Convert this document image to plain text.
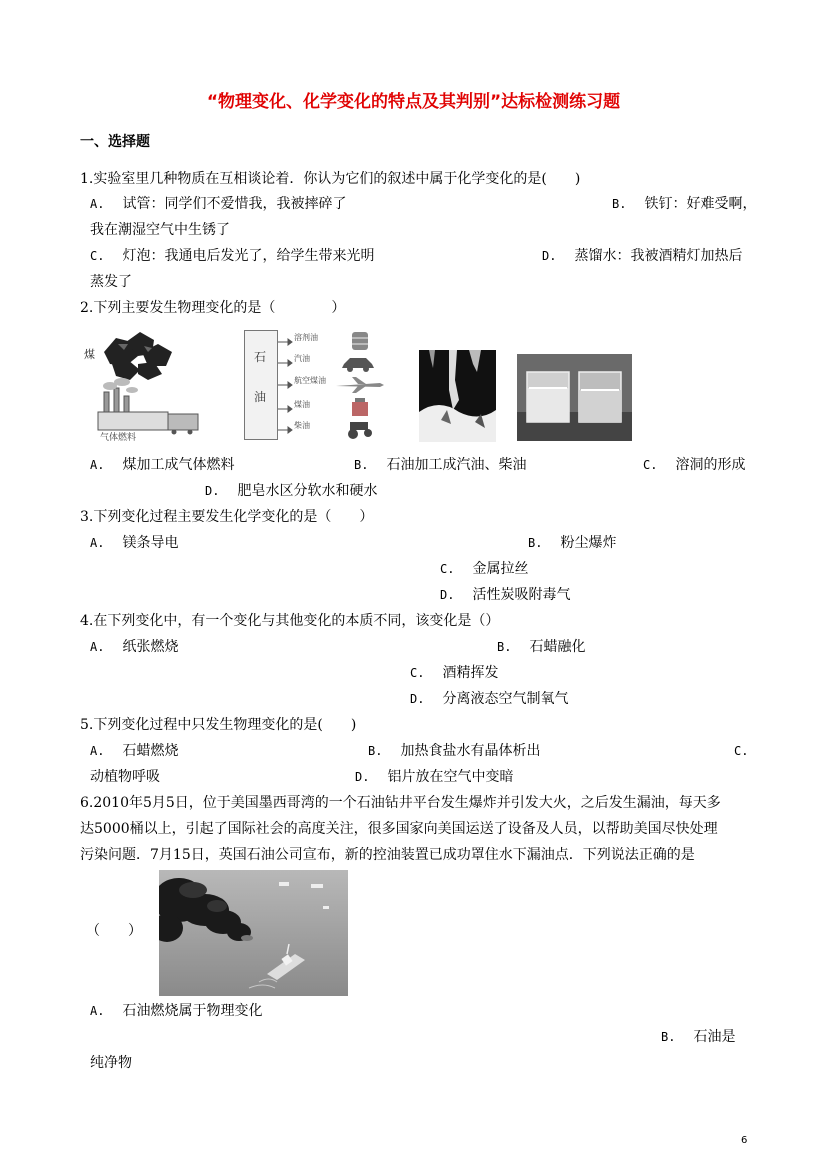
“物理变化、化学变化的特点及其判别”达标检测练习题
一、选择题
1.实验室里几种物质在互相谈论着．你认为它们的叙述中属于化学变化的是(　　)
A. 试管：同学们不爱惜我，我被摔碎了	B. 铁钉：好难受啊，
我在潮湿空气中生锈了
C. 灯泡：我通电后发光了，给学生带来光明	D. 蒸馏水：我被酒精灯加热后
蒸发了
2.下列主要发生物理变化的是（　　　　）
煤
气体燃料
石
油
溶剂油
汽油
航空煤油
煤油
柴油
A. 煤加工成气体燃料	B. 石油加工成汽油、柴油	C. 溶洞的形成
D. 肥皂水区分软水和硬水
3.下列变化过程主要发生化学变化的是（　　）
A. 镁条导电	B. 粉尘爆炸
C. 金属拉丝
D. 活性炭吸附毒气
4.在下列变化中，有一个变化与其他变化的本质不同，该变化是（）
A. 纸张燃烧	B. 石蜡融化
C. 酒精挥发
D. 分离液态空气制氧气
5.下列变化过程中只发生物理变化的是(　　)
A. 石蜡燃烧	B. 加热食盐水有晶体析出	C.
动植物呼吸	D. 铝片放在空气中变暗
6.2010年5月5日，位于美国墨西哥湾的一个石油钻井平台发生爆炸并引发大火，之后发生漏油，每天多
达5000桶以上，引起了国际社会的高度关注，很多国家向美国运送了设备及人员，以帮助美国尽快处理
污染问题．7月15日，英国石油公司宣布，新的控油装置已成功罩住水下漏油点．下列说法正确的是
（　　）
A. 石油燃烧属于物理变化
B. 石油是
纯净物
6
